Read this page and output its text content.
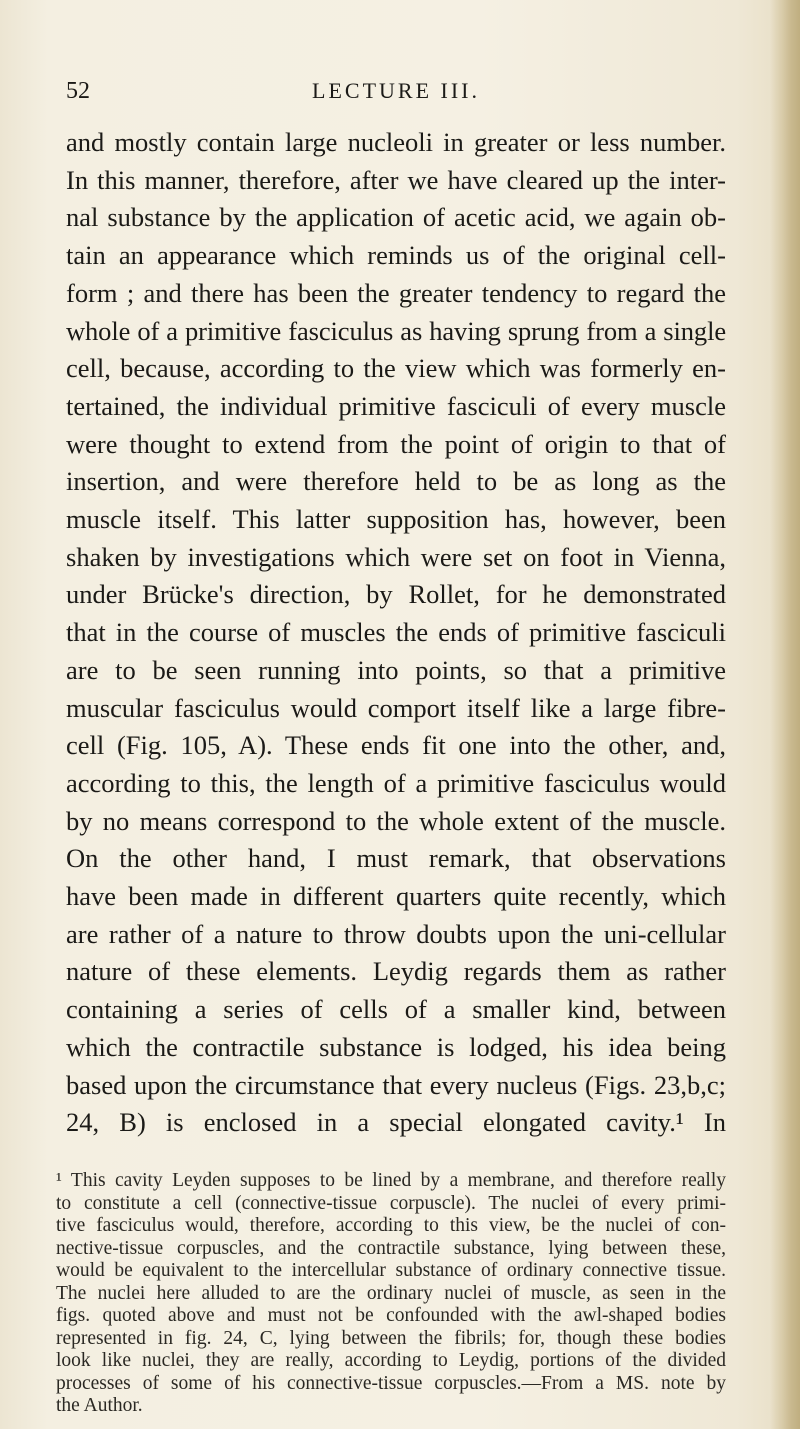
52	LECTURE III.
and mostly contain large nucleoli in greater or less number.
In this manner, therefore, after we have cleared up the inter-
nal substance by the application of acetic acid, we again ob-
tain an appearance which reminds us of the original cell-
form ; and there has been the greater tendency to regard the
whole of a primitive fasciculus as having sprung from a single
cell, because, according to the view which was formerly en-
tertained, the individual primitive fasciculi of every muscle
were thought to extend from the point of origin to that of
insertion, and were therefore held to be as long as the
muscle itself. This latter supposition has, however, been
shaken by investigations which were set on foot in Vienna,
under Brücke's direction, by Rollet, for he demonstrated
that in the course of muscles the ends of primitive fasciculi
are to be seen running into points, so that a primitive
muscular fasciculus would comport itself like a large fibre-
cell (Fig. 105, A). These ends fit one into the other, and,
according to this, the length of a primitive fasciculus would
by no means correspond to the whole extent of the muscle.
On the other hand, I must remark, that observations
have been made in different quarters quite recently, which
are rather of a nature to throw doubts upon the uni-cellular
nature of these elements. Leydig regards them as rather
containing a series of cells of a smaller kind, between
which the contractile substance is lodged, his idea being
based upon the circumstance that every nucleus (Figs. 23,b,c;
24, B) is enclosed in a special elongated cavity.¹ In
¹ This cavity Leyden supposes to be lined by a membrane, and therefore really
to constitute a cell (connective-tissue corpuscle). The nuclei of every primi-
tive fasciculus would, therefore, according to this view, be the nuclei of con-
nective-tissue corpuscles, and the contractile substance, lying between these,
would be equivalent to the intercellular substance of ordinary connective tissue.
The nuclei here alluded to are the ordinary nuclei of muscle, as seen in the
figs. quoted above and must not be confounded with the awl-shaped bodies
represented in fig. 24, C, lying between the fibrils; for, though these bodies
look like nuclei, they are really, according to Leydig, portions of the divided
processes of some of his connective-tissue corpuscles.—From a MS. note by
the Author.
